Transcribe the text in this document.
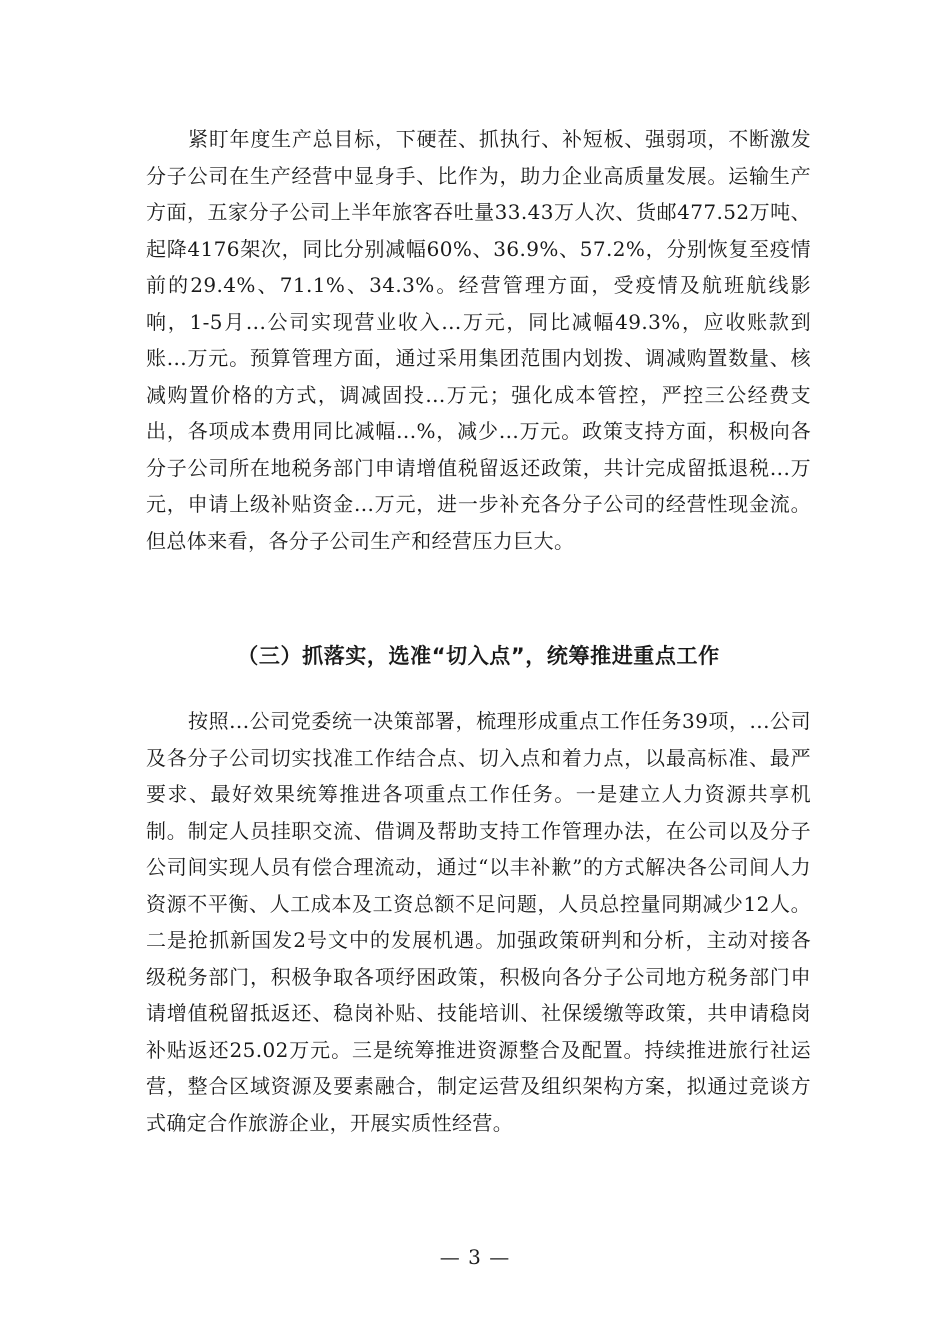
紧盯年度生产总目标，下硬茬、抓执行、补短板、强弱项，不断激发分子公司在生产经营中显身手、比作为，助力企业高质量发展。运输生产方面，五家分子公司上半年旅客吞吐量33.43万人次、货邮477.52万吨、起降4176架次，同比分别减幅60%、36.9%、57.2%，分别恢复至疫情前的29.4%、71.1%、34.3%。经营管理方面，受疫情及航班航线影响，1-5月...公司实现营业收入...万元，同比减幅49.3%，应收账款到账...万元。预算管理方面，通过采用集团范围内划拨、调减购置数量、核减购置价格的方式，调减固投...万元；强化成本管控，严控三公经费支出，各项成本费用同比减幅...%，减少...万元。政策支持方面，积极向各分子公司所在地税务部门申请增值税留返还政策，共计完成留抵退税...万元，申请上级补贴资金...万元，进一步补充各分子公司的经营性现金流。但总体来看，各分子公司生产和经营压力巨大。

（三）抓落实，选准“切入点”，统筹推进重点工作

按照...公司党委统一决策部署，梳理形成重点工作任务39项，...公司及各分子公司切实找准工作结合点、切入点和着力点，以最高标准、最严要求、最好效果统筹推进各项重点工作任务。一是建立人力资源共享机制。制定人员挂职交流、借调及帮助支持工作管理办法，在公司以及分子公司间实现人员有偿合理流动，通过“以丰补歉”的方式解决各公司间人力资源不平衡、人工成本及工资总额不足问题，人员总控量同期减少12人。二是抢抓新国发2号文中的发展机遇。加强政策研判和分析，主动对接各级税务部门，积极争取各项纾困政策，积极向各分子公司地方税务部门申请增值税留抵返还、稳岗补贴、技能培训、社保缓缴等政策，共申请稳岗补贴返还25.02万元。三是统筹推进资源整合及配置。持续推进旅行社运营，整合区域资源及要素融合，制定运营及组织架构方案，拟通过竞谈方式确定合作旅游企业，开展实质性经营。

— 3 —
